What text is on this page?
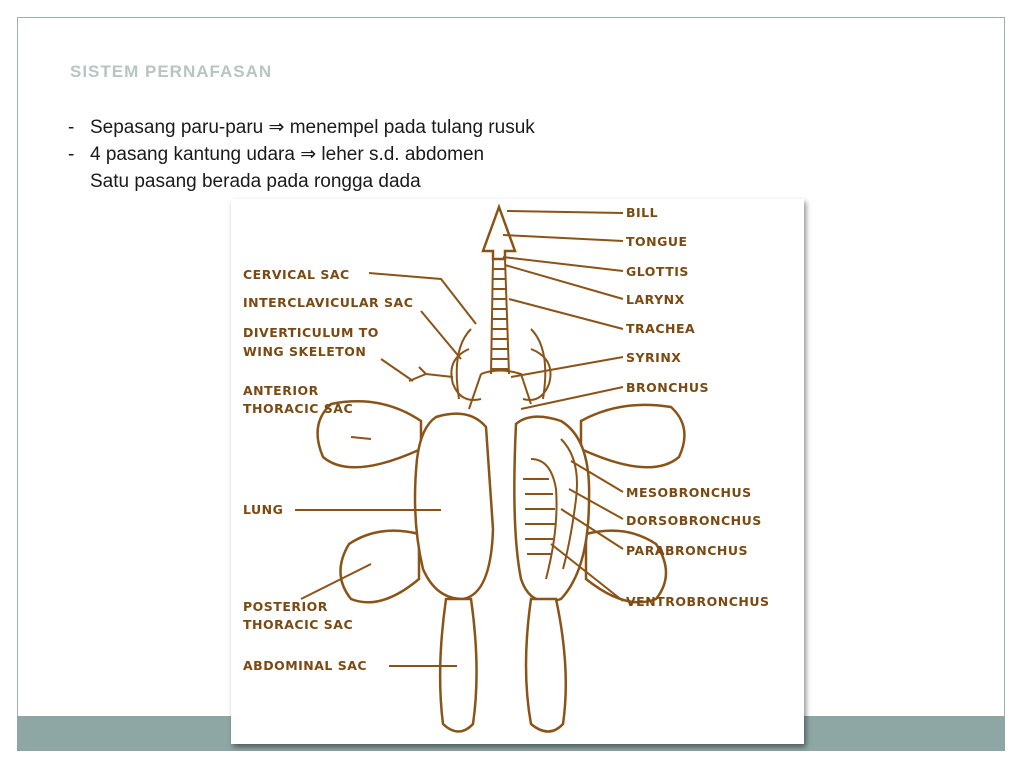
SISTEM PERNAFASAN
- Sepasang paru-paru ⇒ menempel pada tulang rusuk
- 4 pasang kantung udara ⇒ leher s.d. abdomen
Satu pasang berada pada rongga dada
BILL
TONGUE
GLOTTIS
LARYNX
TRACHEA
SYRINX
BRONCHUS
MESOBRONCHUS
DORSOBRONCHUS
PARABRONCHUS
VENTROBRONCHUS
CERVICAL SAC
INTERCLAVICULAR SAC
DIVERTICULUM TO
WING SKELETON
ANTERIOR
THORACIC SAC
LUNG
POSTERIOR
THORACIC SAC
ABDOMINAL SAC
